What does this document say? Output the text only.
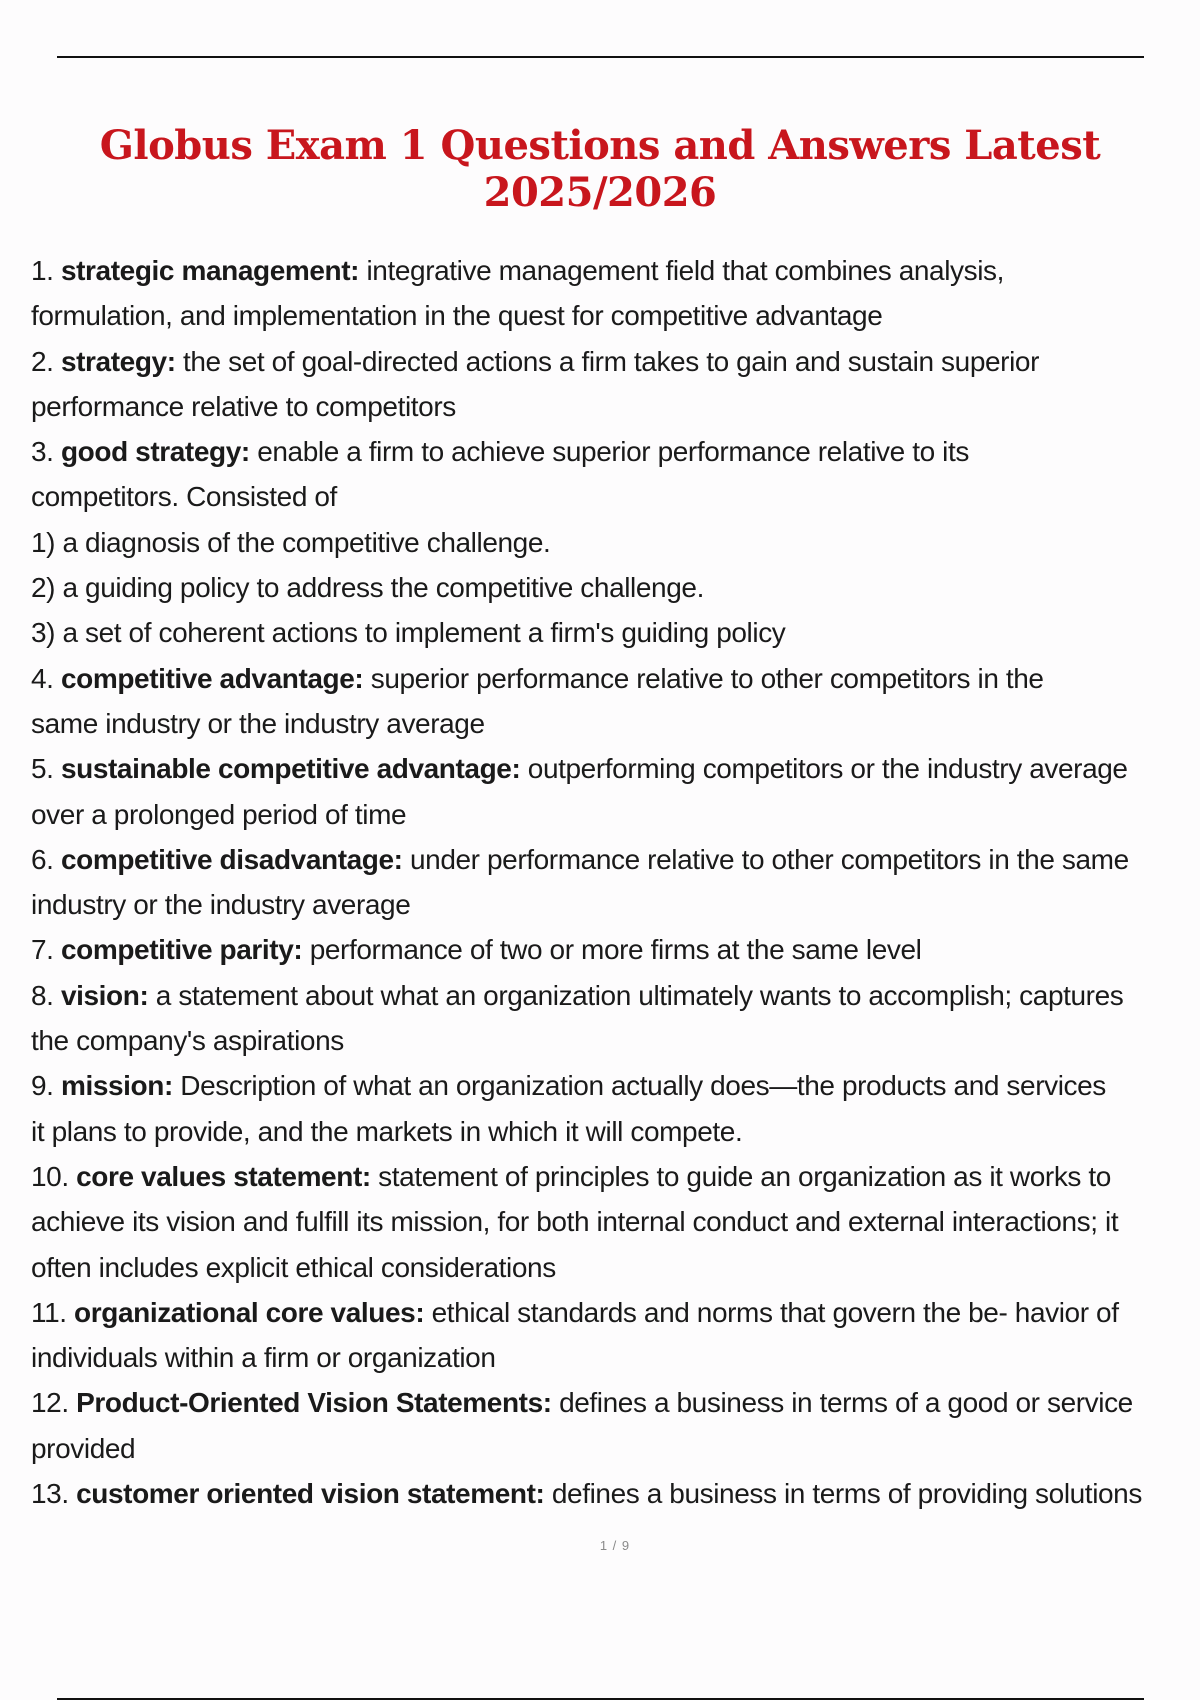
Globus Exam 1 Questions and Answers Latest 2025/2026
1. strategic management: integrative management field that combines analysis,
formulation, and implementation in the quest for competitive advantage
2. strategy: the set of goal-directed actions a firm takes to gain and sustain superior
performance relative to competitors
3. good strategy: enable a firm to achieve superior performance relative to its
competitors. Consisted of
1) a diagnosis of the competitive challenge.
2) a guiding policy to address the competitive challenge.
3) a set of coherent actions to implement a firm's guiding policy
4. competitive advantage: superior performance relative to other competitors in the
same industry or the industry average
5. sustainable competitive advantage: outperforming competitors or the industry average
over a prolonged period of time
6. competitive disadvantage: under performance relative to other competitors in the same
industry or the industry average
7. competitive parity: performance of two or more firms at the same level
8. vision: a statement about what an organization ultimately wants to accomplish; captures
the company's aspirations
9. mission: Description of what an organization actually does—the products and services
it plans to provide, and the markets in which it will compete.
10. core values statement: statement of principles to guide an organization as it works to
achieve its vision and fulfill its mission, for both internal conduct and external interactions; it
often includes explicit ethical considerations
11. organizational core values: ethical standards and norms that govern the be- havior of
individuals within a firm or organization
12. Product-Oriented Vision Statements: defines a business in terms of a good or service
provided
13. customer oriented vision statement: defines a business in terms of providing solutions
1 / 9
